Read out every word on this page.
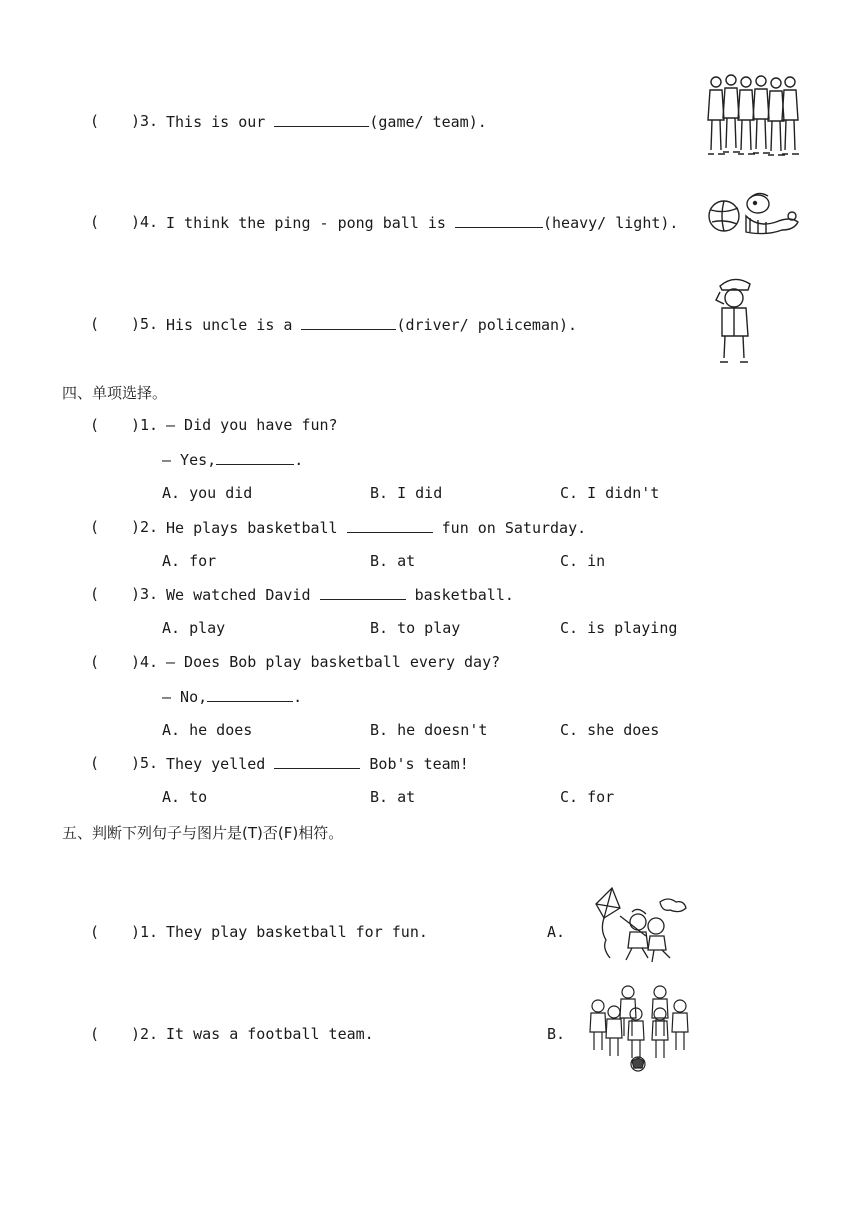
( )3. This is our	(game/ team).
( )4. I think the ping - pong ball is	(heavy/ light).
( )5. His uncle is a	(driver/ policeman).
四、单项选择。
( )1. — Did you have fun?
— Yes,	.
A. you did	B. I did	C. I didn't
( )2. He plays basketball	fun on Saturday.
A. for	B. at	C. in
( )3. We watched David	basketball.
A. play	B. to play	C. is playing
( )4. — Does Bob play basketball every day?
— No,	.
A. he does	B. he doesn't	C. she does
( )5. They yelled	Bob's team!
A. to	B. at	C. for
五、判断下列句子与图片是(T)否(F)相符。
( )1. They play basketball for fun.	A.
( )2. It was a football team.	B.
